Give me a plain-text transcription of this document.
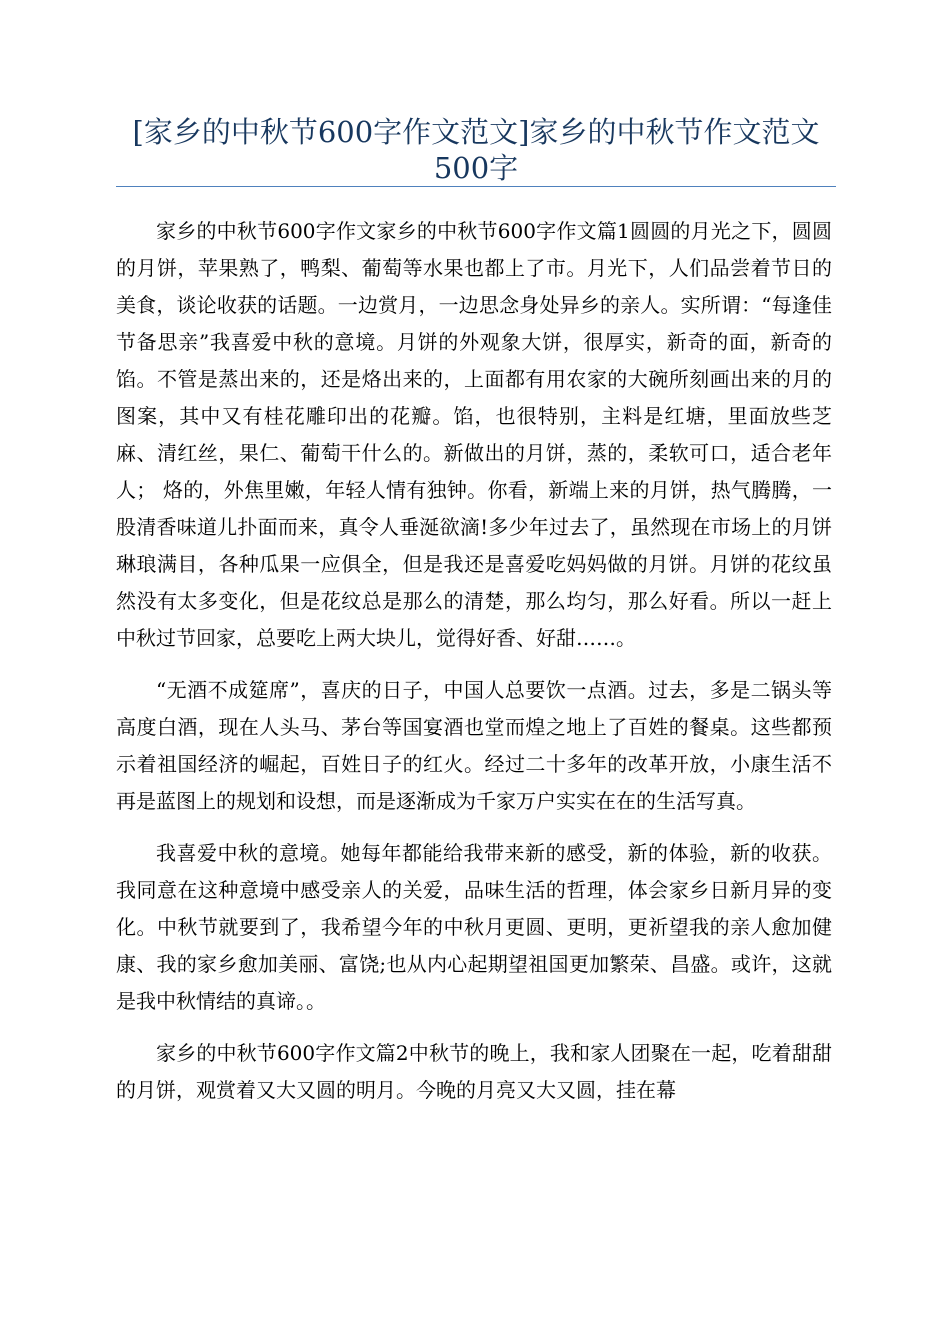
[家乡的中秋节600字作文范文]家乡的中秋节作文范文500字

家乡的中秋节600字作文家乡的中秋节600字作文篇1圆圆的月光之下，圆圆的月饼，苹果熟了，鸭梨、葡萄等水果也都上了市。月光下，人们品尝着节日的美食，谈论收获的话题。一边赏月，一边思念身处异乡的亲人。实所谓：“每逢佳节备思亲”我喜爱中秋的意境。月饼的外观象大饼，很厚实，新奇的面，新奇的馅。不管是蒸出来的，还是烙出来的，上面都有用农家的大碗所刻画出来的月的图案，其中又有桂花雕印出的花瓣。馅，也很特别，主料是红塘，里面放些芝麻、清红丝，果仁、葡萄干什么的。新做出的月饼，蒸的，柔软可口，适合老年人； 烙的，外焦里嫩，年轻人情有独钟。你看，新端上来的月饼，热气腾腾，一股清香味道儿扑面而来，真令人垂涎欲滴!多少年过去了，虽然现在市场上的月饼琳琅满目，各种瓜果一应俱全，但是我还是喜爱吃妈妈做的月饼。月饼的花纹虽然没有太多变化，但是花纹总是那么的清楚，那么均匀，那么好看。所以一赶上中秋过节回家，总要吃上两大块儿，觉得好香、好甜……。

“无酒不成筵席”，喜庆的日子，中国人总要饮一点酒。过去，多是二锅头等高度白酒，现在人头马、茅台等国宴酒也堂而煌之地上了百姓的餐桌。这些都预示着祖国经济的崛起，百姓日子的红火。经过二十多年的改革开放，小康生活不再是蓝图上的规划和设想，而是逐渐成为千家万户实实在在的生活写真。

我喜爱中秋的意境。她每年都能给我带来新的感受，新的体验，新的收获。我同意在这种意境中感受亲人的关爱，品味生活的哲理，体会家乡日新月异的变化。中秋节就要到了，我希望今年的中秋月更圆、更明，更祈望我的亲人愈加健康、我的家乡愈加美丽、富饶;也从内心起期望祖国更加繁荣、昌盛。或许，这就是我中秋情结的真谛。。

家乡的中秋节600字作文篇2中秋节的晚上，我和家人团聚在一起，吃着甜甜的月饼，观赏着又大又圆的明月。今晚的月亮又大又圆，挂在幕
